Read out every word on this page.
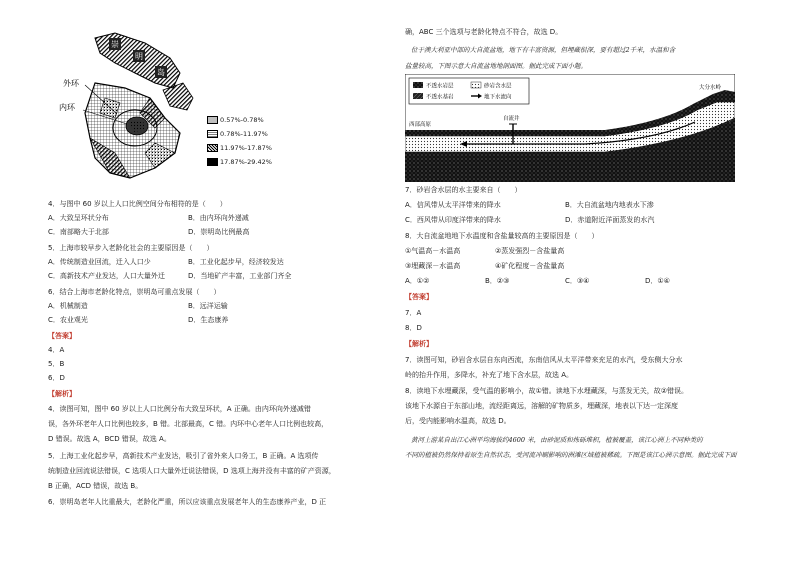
崇
明
岛
外环
内环
0.57%-0.78%
0.78%-11.97%
11.97%-17.87%
17.87%-29.42%
4．与图中 60 岁以上人口比例空间分布相符的是（　　）
A．大致呈环状分布	B．由内环向外递减
C．南部略大于北部	D．崇明岛比例最高
5．上海市较早步入老龄化社会的主要原因是（　　）
A．传统制造业回流，迁入人口少	B．工业化起步早，经济较发达
C．高新技术产业发达，人口大量外迁	D．当地矿产丰富，工业部门齐全
6．结合上海市老龄化特点，崇明岛可重点发展（　　）
A．机械制造	B．远洋运输
C．农业观光	D．生态康养
【答案】
4．A
5．B
6．D
【解析】
4．读图可知，图中 60 岁以上人口比例分布大致呈环状，A 正确。由内环向外递减错
误，各外环老年人口比例也较多，B 错。北部最高，C 错。内环中心老年人口比例也较高，
D 错误。故选 A，BCD 错误，故选 A。
5．上海工业化起步早，高新技术产业发达，吸引了省外来人口务工，B 正确。A 选项传
统制造业回流说法错误，C 选项人口大量外迁说法错误，D 选项上海并没有丰富的矿产资源，
B 正确，ACD 错误，故选 B。
6．崇明岛老年人比重最大，老龄化严重，所以应该重点发展老年人的生态康养产业，D 正
确，ABC 三个选项与老龄化特点不符合，故选 D。
位于澳大利亚中部的大自流盆地，地下有丰富资源，但埋藏很深，要有超过2千米，水温和含
盐量较高，下图示意大自流盆地地剖面图。据此完成下面小题。
不透水岩层	砂岩含水层
不透水基岩	地下水流向
自流井
西部高原
大分水岭
7．砂岩含水层的水主要来自（　　）
A．信风带从太平洋带来的降水	B．大自流盆地内地表水下渗
C．西风带从印度洋带来的降水	D．赤道附近洋面蒸发的水汽
8．大自流盆地地下水温度和含盐量较高的主要原因是（　　）
①气温高－水温高	②蒸发强烈－含盐量高
③埋藏深－水温高	④矿化程度－含盐量高
A．①②	B．②③	C．③④	D．①④
【答案】
7．A
8．D
【解析】
7．读图可知，砂岩含水层自东向西流，东南信风从太平洋带来充足的水汽，受东侧大分水
岭的抬升作用，多降水，补充了地下含水层，故选 A。
8．读地下水埋藏深，受气温的影响小，故①错。读地下水埋藏深，与蒸发无关，故②错误。
该地下水源自于东部山地，流经距离远，溶解的矿物质多，埋藏深，地表以下达一定深度
后，受内能影响水温高，故选 D。
黄河上游某自出江心洲平均海拔约4600 米，由砂泥质和炼砾堆积，植被覆盖，该江心洲上不同种类的
不同的植被仍然保持着原生自然状态，受河流冲刷影响的洲滩区域植被稀疏。下图是该江心洲示意图。据此完成下面
